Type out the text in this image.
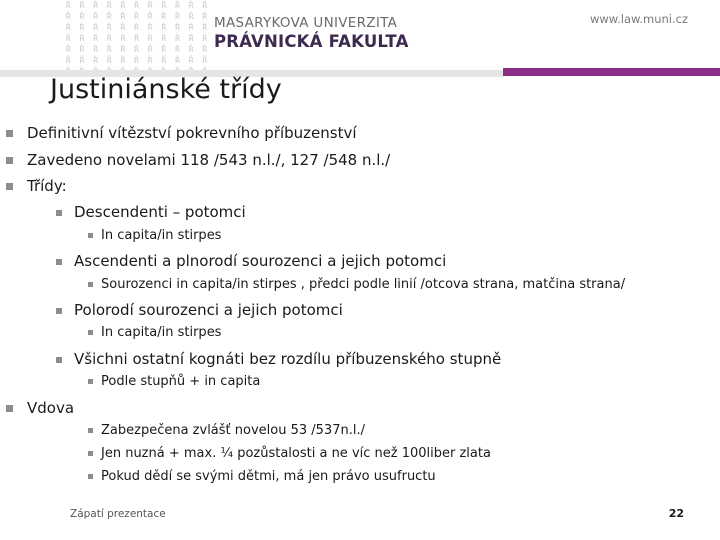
Ř Ř Ř Ř Ř Ř Ř Ř Ř Ř Ř
Ř Ř Ř Ř Ř Ř Ř Ř Ř Ř Ř
Ř Ř Ř Ř Ř Ř Ř Ř Ř Ř Ř
Ř Ř Ř Ř Ř Ř Ř Ř Ř Ř Ř
Ř Ř Ř Ř Ř Ř Ř Ř Ř Ř Ř
Ř Ř Ř Ř Ř Ř Ř Ř Ř Ř Ř

MASARYKOVA UNIVERZITA
PRÁVNICKÁ FAKULTA
www.law.muni.cz
Justiniánské třídy
Definitivní vítězství pokrevního příbuzenství
Zavedeno novelami 118 /543 n.l./, 127 /548 n.l./
Třídy:
Descendenti – potomci
In capita/in stirpes
Ascendenti a plnorodí sourozenci a jejich potomci
Sourozenci in capita/in stirpes , předci podle linií /otcova strana, matčina strana/
Polorodí sourozenci a jejich potomci
In capita/in stirpes
Všichni ostatní kognáti bez rozdílu příbuzenského stupně
Podle stupňů + in capita
Vdova
Zabezpečena zvlášť novelou 53 /537n.l./
Jen nuzná + max. ¼ pozůstalosti a ne víc než 100liber zlata
Pokud dědí se svými dětmi, má jen právo usufructu
Zápatí prezentace	22
